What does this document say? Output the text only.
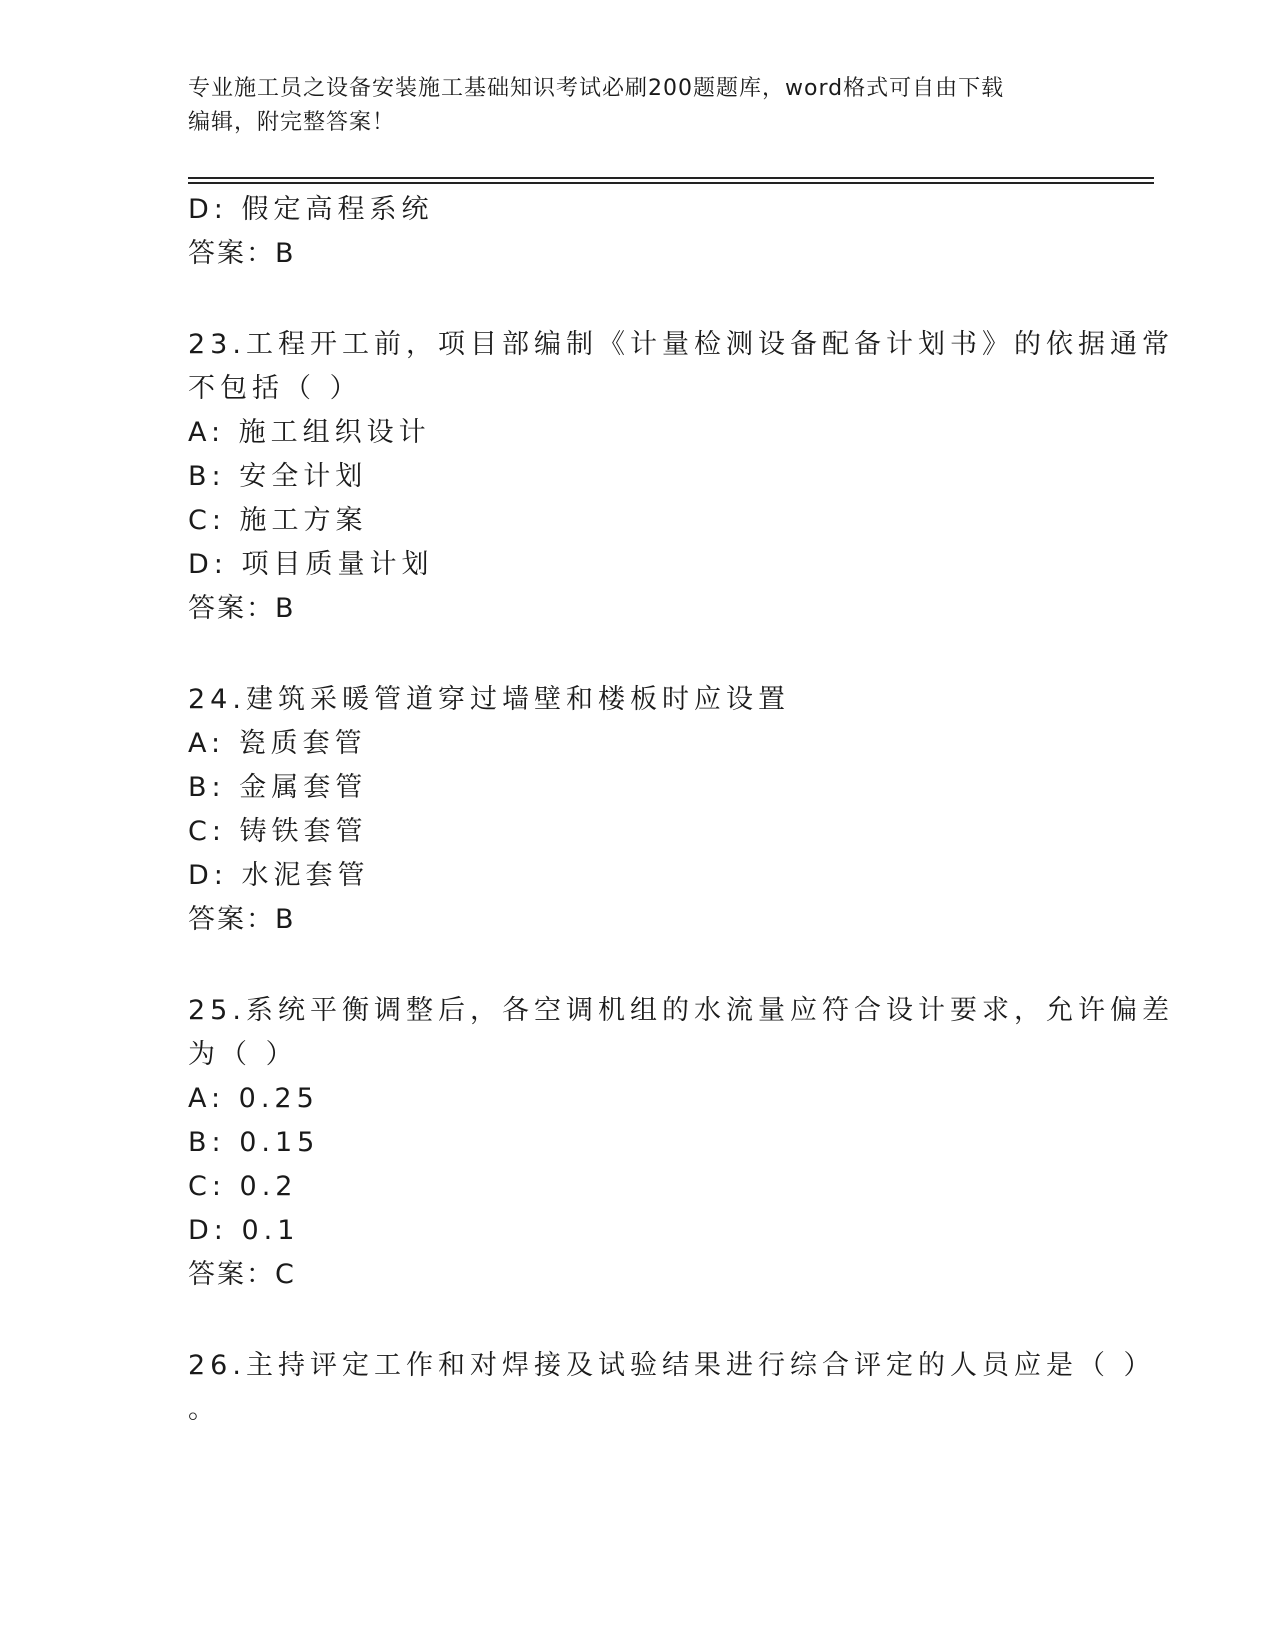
专业施工员之设备安装施工基础知识考试必刷200题题库，word格式可自由下载
编辑，附完整答案！
D: 假定高程系统
答案：B
23.工程开工前，项目部编制《计量检测设备配备计划书》的依据通常
不包括（ ）
A: 施工组织设计
B: 安全计划
C: 施工方案
D: 项目质量计划
答案：B
24.建筑采暖管道穿过墙壁和楼板时应设置
A: 瓷质套管
B: 金属套管
C: 铸铁套管
D: 水泥套管
答案：B
25.系统平衡调整后，各空调机组的水流量应符合设计要求，允许偏差
为（ ）
A: 0.25
B: 0.15
C: 0.2
D: 0.1
答案：C
26.主持评定工作和对焊接及试验结果进行综合评定的人员应是（ ）
。
